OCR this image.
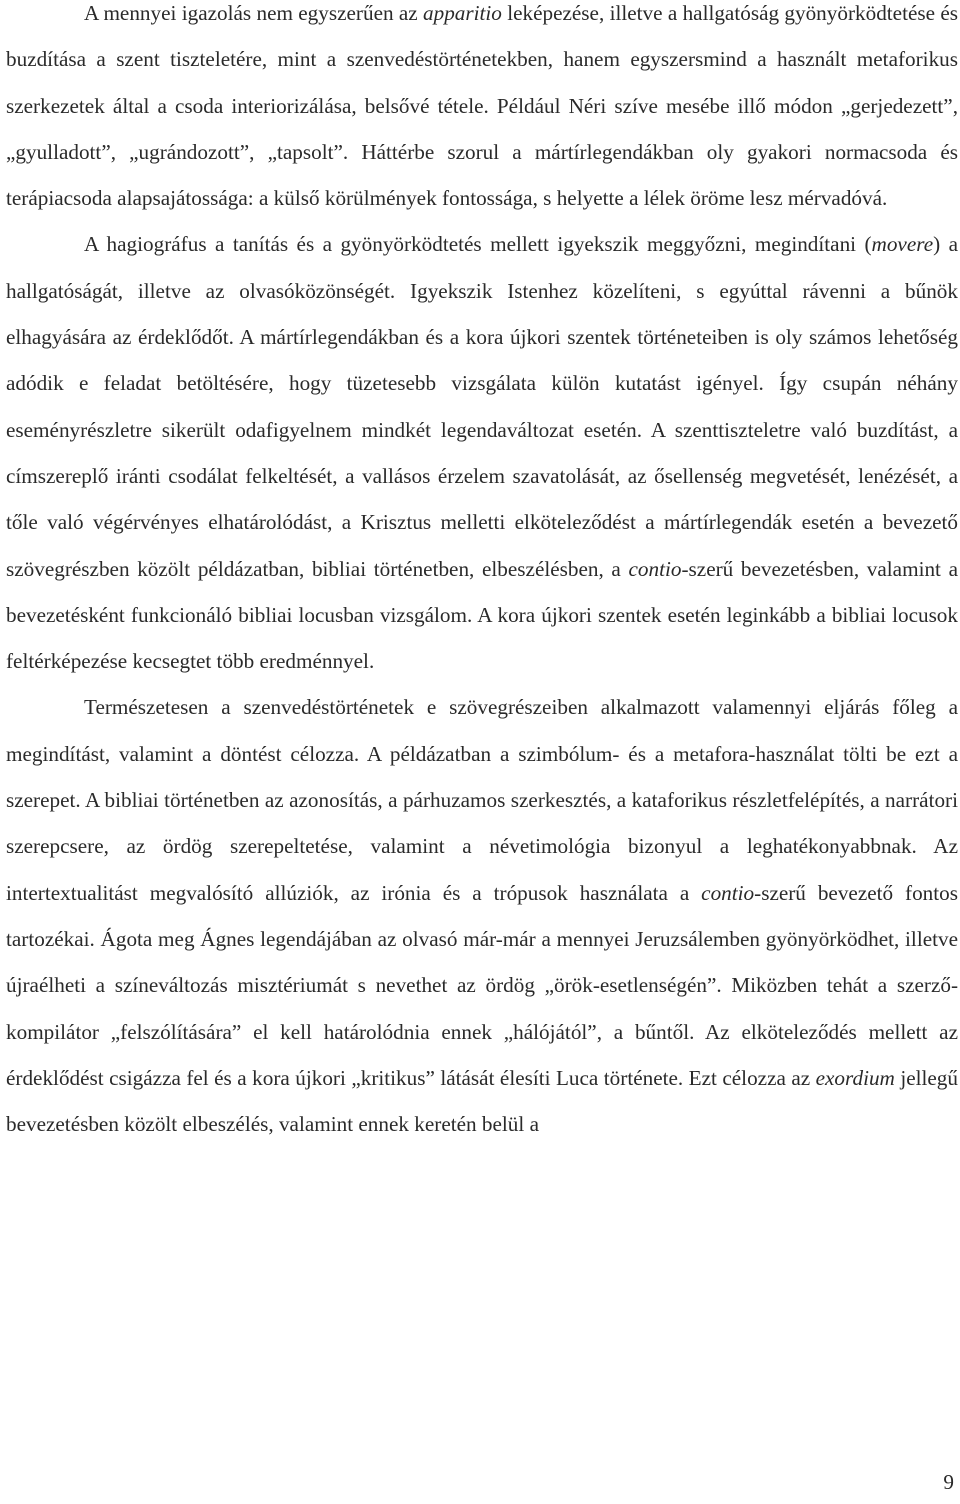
A mennyei igazolás nem egyszerűen az apparitio leképezése, illetve a hallgatóság gyönyörködtetése és buzdítása a szent tiszteletére, mint a szenvedéstörténetekben, hanem egyszersmind a használt metaforikus szerkezetek által a csoda interiorizálása, belsővé tétele. Például Néri szíve mesébe illő módon „gerjedezett”, „gyulladott”, „ugrándozott”, „tapsolt”. Háttérbe szorul a mártírlegendákban oly gyakori normacsoda és terápiacsoda alapsajátossága: a külső körülmények fontossága, s helyette a lélek öröme lesz mérvadóvá.

A hagiográfus a tanítás és a gyönyörködtetés mellett igyekszik meggyőzni, megindítani (movere) a hallgatóságát, illetve az olvasóközönségét. Igyekszik Istenhez közelíteni, s egyúttal rávenni a bűnök elhagyására az érdeklődőt. A mártírlegendákban és a kora újkori szentek történeteiben is oly számos lehetőség adódik e feladat betöltésére, hogy tüzetesebb vizsgálata külön kutatást igényel. Így csupán néhány eseményrészletre sikerült odafigyelnem mindkét legendaváltozat esetén. A szenttiszteletre való buzdítást, a címszereplő iránti csodálat felkeltését, a vallásos érzelem szavatolását, az ősellenség megvetését, lenézését, a tőle való végérvényes elhatárolódást, a Krisztus melletti elköteleződést a mártírlegendák esetén a bevezető szövegrészben közölt példázatban, bibliai történetben, elbeszélésben, a contio-szerű bevezetésben, valamint a bevezetésként funkcionáló bibliai locusban vizsgálom. A kora újkori szentek esetén leginkább a bibliai locusok feltérképezése kecsegtet több eredménnyel.

Természetesen a szenvedéstörténetek e szövegrészeiben alkalmazott valamennyi eljárás főleg a megindítást, valamint a döntést célozza. A példázatban a szimbólum- és a metafora-használat tölti be ezt a szerepet. A bibliai történetben az azonosítás, a párhuzamos szerkesztés, a kataforikus részletfelépítés, a narrátori szerepcsere, az ördög szerepeltetése, valamint a névetimológia bizonyul a leghatékonyabbnak. Az intertextualitást megvalósító allúziók, az irónia és a trópusok használata a contio-szerű bevezető fontos tartozékai. Ágota meg Ágnes legendájában az olvasó már-már a mennyei Jeruzsálemben gyönyörködhet, illetve újraélheti a színeváltozás misztériumát s nevethet az ördög „örök-esetlenségén”. Miközben tehát a szerző-kompilátor „felszólítására” el kell határolódnia ennek „hálójától”, a bűntől. Az elköteleződés mellett az érdeklődést csigázza fel és a kora újkori „kritikus” látását élesíti Luca története. Ezt célozza az exordium jellegű bevezetésben közölt elbeszélés, valamint ennek keretén belül a

9
